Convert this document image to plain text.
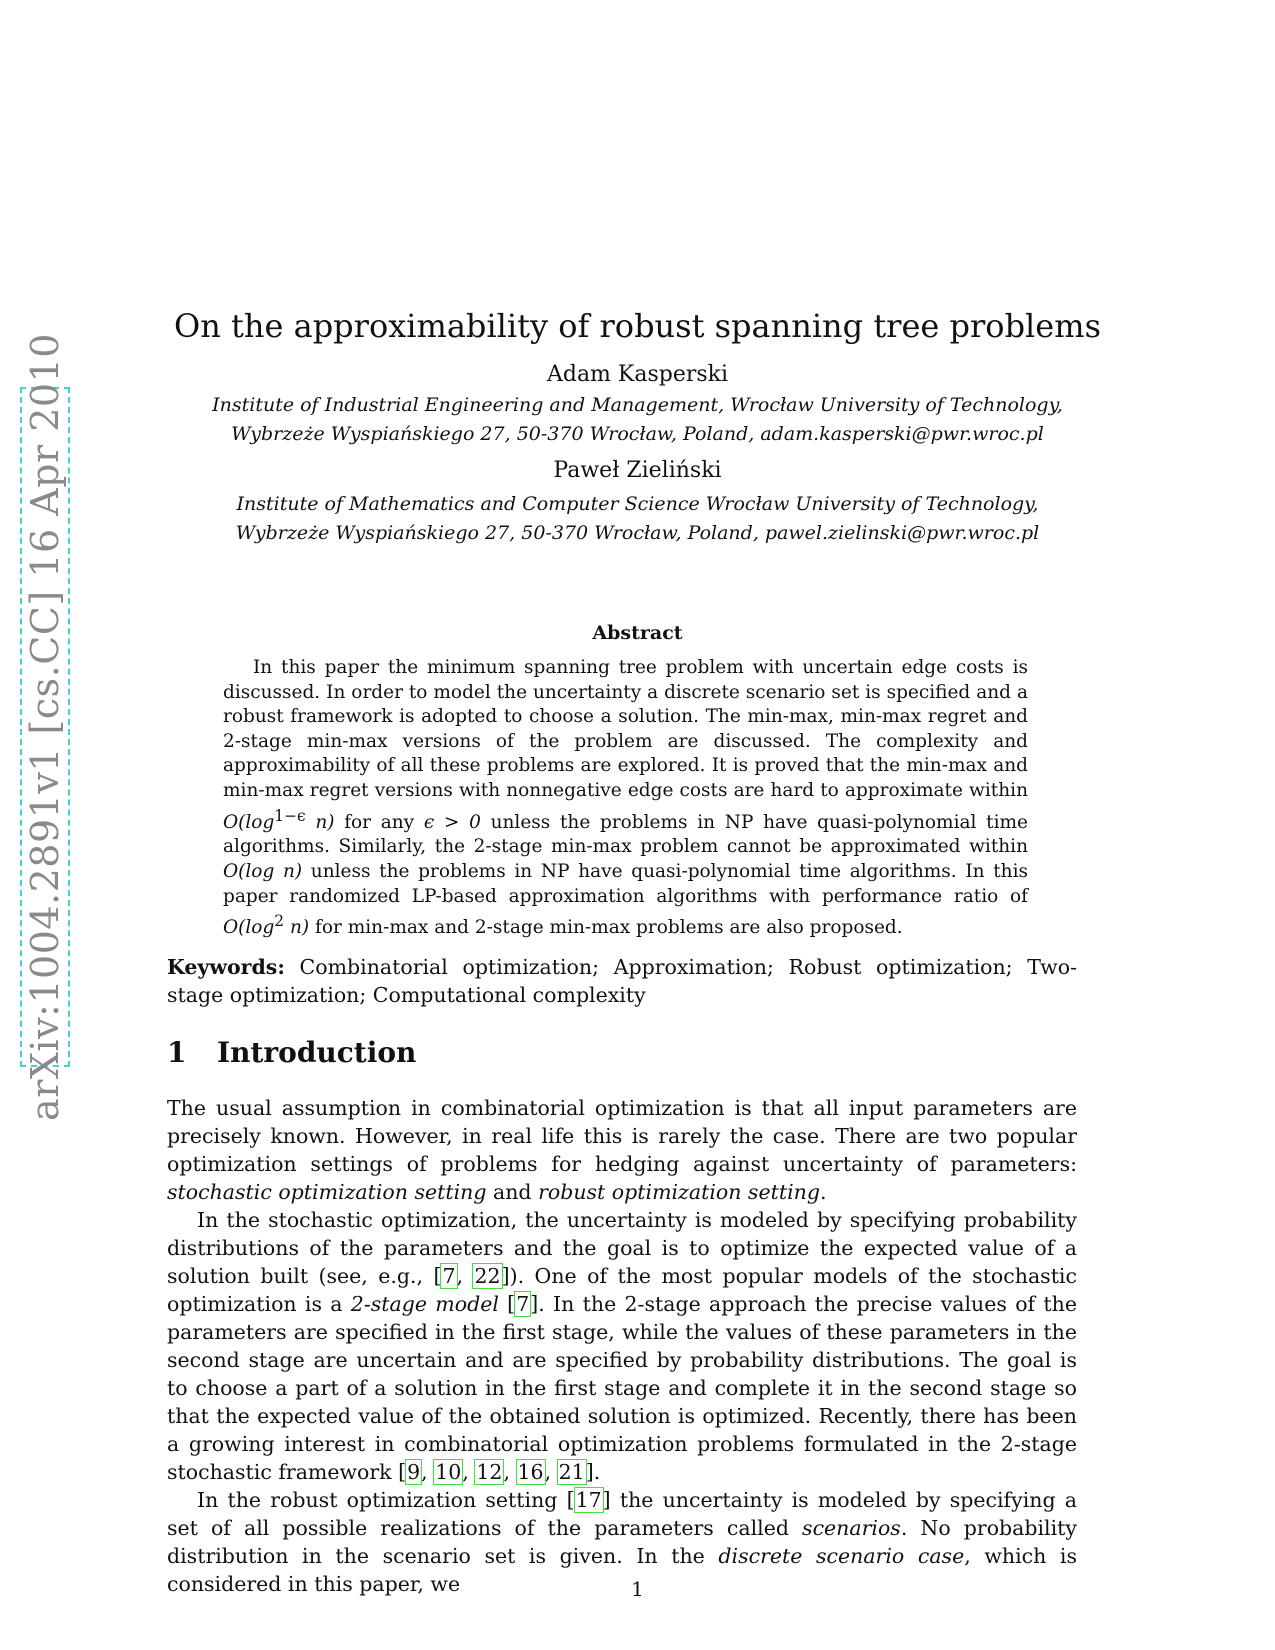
arXiv:1004.2891v1 [cs.CC] 16 Apr 2010
On the approximability of robust spanning tree problems
Adam Kasperski
Institute of Industrial Engineering and Management, Wrocław University of Technology,
Wybrzeże Wyspiańskiego 27, 50-370 Wrocław, Poland, adam.kasperski@pwr.wroc.pl
Paweł Zieliński
Institute of Mathematics and Computer Science Wrocław University of Technology,
Wybrzeże Wyspiańskiego 27, 50-370 Wrocław, Poland, pawel.zielinski@pwr.wroc.pl
Abstract

In this paper the minimum spanning tree problem with uncertain edge costs is discussed. In order to model the uncertainty a discrete scenario set is specified and a robust framework is adopted to choose a solution. The min-max, min-max regret and 2-stage min-max versions of the problem are discussed. The complexity and approximability of all these problems are explored. It is proved that the min-max and min-max regret versions with nonnegative edge costs are hard to approximate within $O(\log^{1-\epsilon}$ n) for any ϵ > 0 unless the problems in NP have quasi-polynomial time algorithms. Similarly, the 2-stage min-max problem cannot be approximated within O(log n) unless the problems in NP have quasi-polynomial time algorithms. In this paper randomized LP-based approximation algorithms with performance ratio of $O(\log^2$ n) for min-max and 2-stage min-max problems are also proposed.

Keywords: Combinatorial optimization; Approximation; Robust optimization; Two-stage optimization; Computational complexity

1 Introduction

The usual assumption in combinatorial optimization is that all input parameters are precisely known. However, in real life this is rarely the case. There are two popular optimization settings of problems for hedging against uncertainty of parameters: stochastic optimization setting and robust optimization setting.

In the stochastic optimization, the uncertainty is modeled by specifying probability distributions of the parameters and the goal is to optimize the expected value of a solution built (see, e.g., [7, 22]). One of the most popular models of the stochastic optimization is a 2-stage model [7]. In the 2-stage approach the precise values of the parameters are specified in the first stage, while the values of these parameters in the second stage are uncertain and are specified by probability distributions. The goal is to choose a part of a solution in the first stage and complete it in the second stage so that the expected value of the obtained solution is optimized. Recently, there has been a growing interest in combinatorial optimization problems formulated in the 2-stage stochastic framework [9, 10, 12, 16, 21].

In the robust optimization setting [17] the uncertainty is modeled by specifying a set of all possible realizations of the parameters called scenarios. No probability distribution in the scenario set is given. In the discrete scenario case, which is considered in this paper, we	1
